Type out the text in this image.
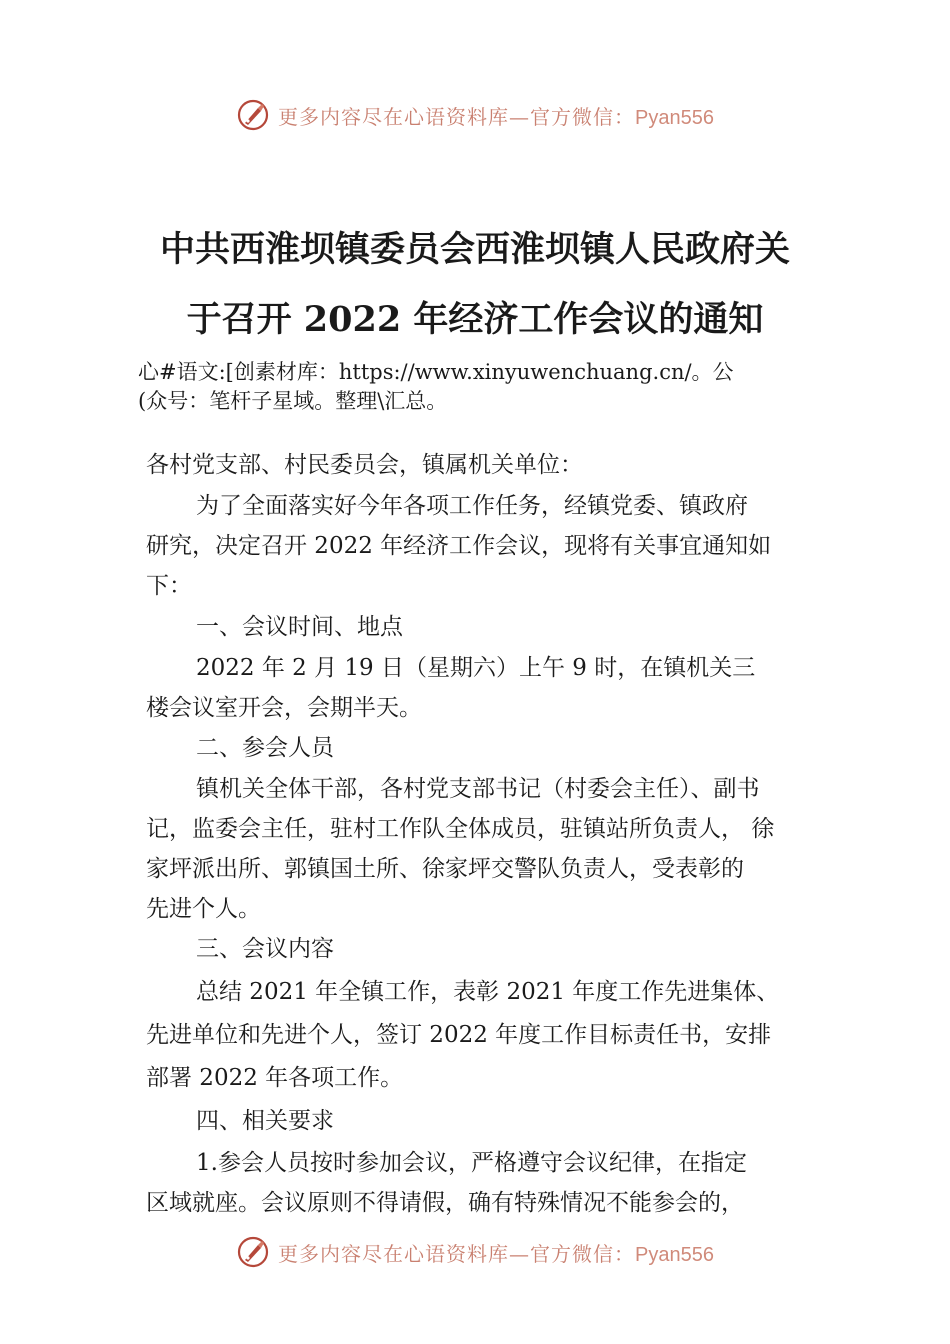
更多内容尽在心语资料库—官方微信：Pyan556
中共西淮坝镇委员会西淮坝镇人民政府关
于召开 2022 年经济工作会议的通知
心#语文:[创素材库：https://www.xinyuwenchuang.cn/。公
(众号：笔杆子星域。整理\汇总。
各村党支部、村民委员会，镇属机关单位：
为了全面落实好今年各项工作任务，经镇党委、镇政府
研究，决定召开 2022 年经济工作会议，现将有关事宜通知如
下：
一、会议时间、地点
2022 年 2 月 19 日（星期六）上午 9 时，在镇机关三
楼会议室开会，会期半天。
二、参会人员
镇机关全体干部，各村党支部书记（村委会主任）、副书
记，监委会主任，驻村工作队全体成员，驻镇站所负责人， 徐
家坪派出所、郭镇国土所、徐家坪交警队负责人，受表彰的
先进个人。
三、会议内容
总结 2021 年全镇工作，表彰 2021 年度工作先进集体、
先进单位和先进个人，签订 2022 年度工作目标责任书，安排
部署 2022 年各项工作。
四、相关要求
1.参会人员按时参加会议，严格遵守会议纪律，在指定
区域就座。会议原则不得请假，确有特殊情况不能参会的，
更多内容尽在心语资料库—官方微信：Pyan556
